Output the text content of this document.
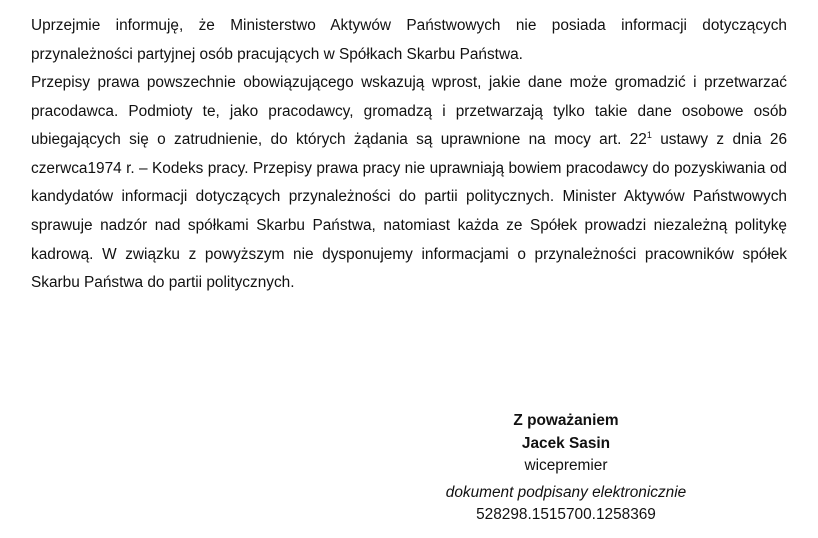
Uprzejmie informuję, że Ministerstwo Aktywów Państwowych nie posiada informacji dotyczących przynależności partyjnej osób pracujących w Spółkach Skarbu Państwa.

Przepisy prawa powszechnie obowiązującego wskazują wprost, jakie dane może gromadzić i przetwarzać pracodawca. Podmioty te, jako pracodawcy, gromadzą i przetwarzają tylko takie dane osobowe osób ubiegających się o zatrudnienie, do których żądania są uprawnione na mocy art. $22^1$ ustawy z dnia 26 czerwca1974 r. – Kodeks pracy. Przepisy prawa pracy nie uprawniają bowiem pracodawcy do pozyskiwania od kandydatów informacji dotyczących przynależności do partii politycznych. Minister Aktywów Państwowych sprawuje nadzór nad spółkami Skarbu Państwa, natomiast każda ze Spółek prowadzi niezależną politykę kadrową. W związku z powyższym nie dysponujemy informacjami o przynależności pracowników spółek Skarbu Państwa do partii politycznych.

Z poważaniem
Jacek Sasin
wicepremier
dokument podpisany elektronicznie
528298.1515700.1258369
